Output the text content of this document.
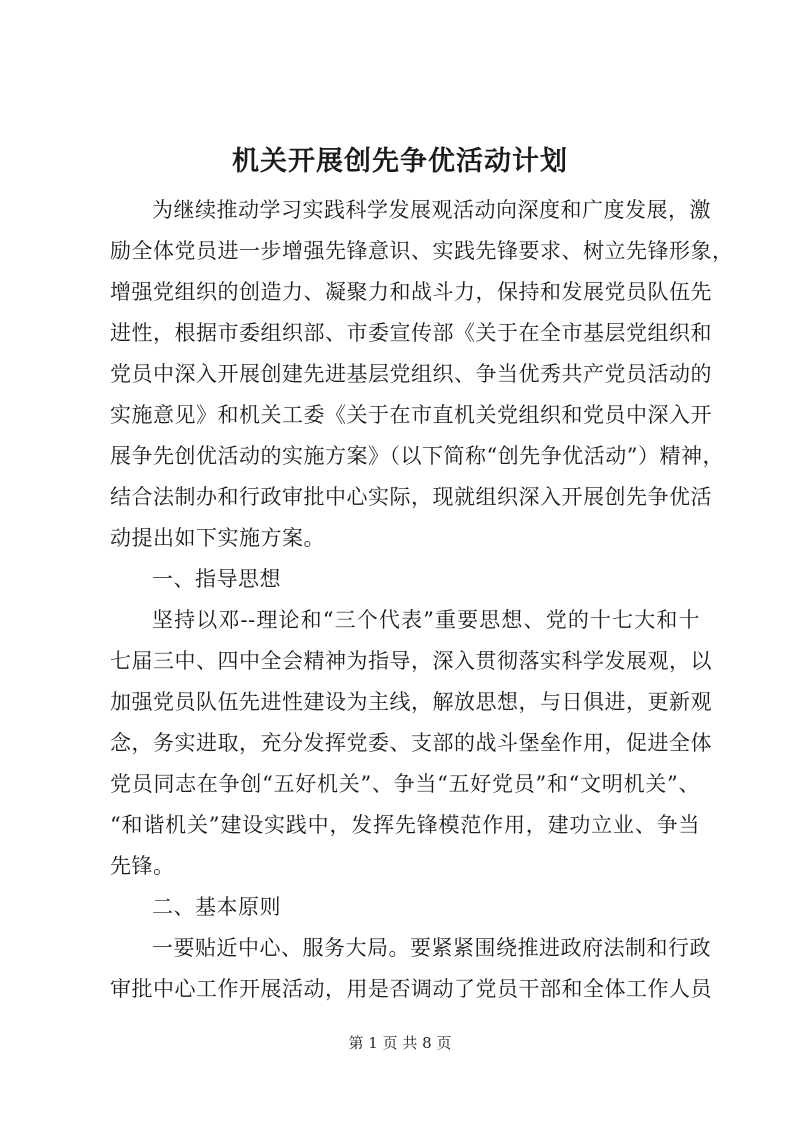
机关开展创先争优活动计划
为继续推动学习实践科学发展观活动向深度和广度发展，激
励全体党员进一步增强先锋意识、实践先锋要求、树立先锋形象，
增强党组织的创造力、凝聚力和战斗力，保持和发展党员队伍先
进性，根据市委组织部、市委宣传部《关于在全市基层党组织和
党员中深入开展创建先进基层党组织、争当优秀共产党员活动的
实施意见》和机关工委《关于在市直机关党组织和党员中深入开
展争先创优活动的实施方案》（以下简称“创先争优活动”）精神，
结合法制办和行政审批中心实际，现就组织深入开展创先争优活
动提出如下实施方案。
一、指导思想
坚持以邓--理论和“三个代表”重要思想、党的十七大和十
七届三中、四中全会精神为指导，深入贯彻落实科学发展观，以
加强党员队伍先进性建设为主线，解放思想，与日俱进，更新观
念，务实进取，充分发挥党委、支部的战斗堡垒作用，促进全体
党员同志在争创“五好机关”、争当“五好党员”和“文明机关”、
“和谐机关”建设实践中，发挥先锋模范作用，建功立业、争当
先锋。
二、基本原则
一要贴近中心、服务大局。要紧紧围绕推进政府法制和行政
审批中心工作开展活动，用是否调动了党员干部和全体工作人员
第 1 页 共 8 页
